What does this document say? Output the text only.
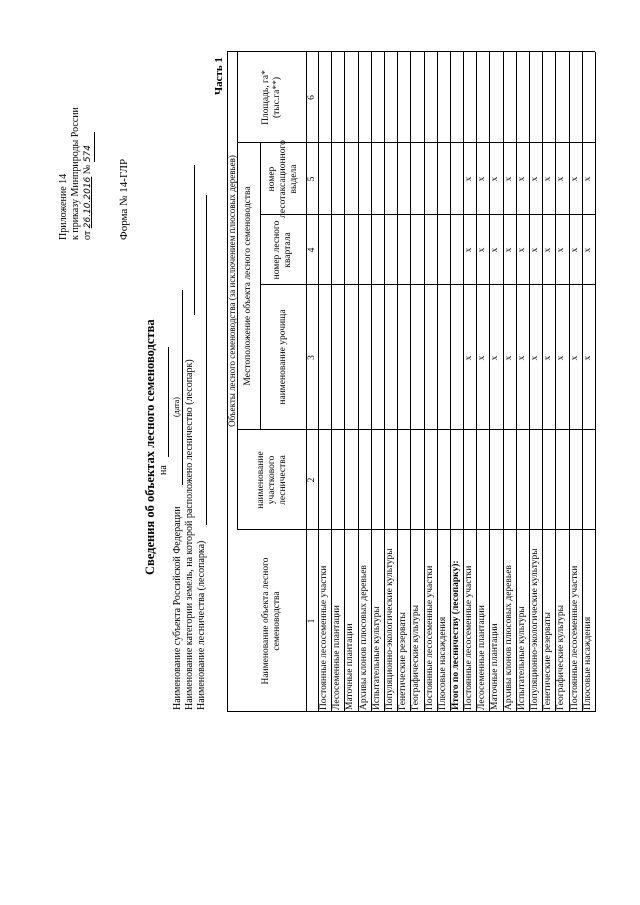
Приложение 14 к приказу Минприроды России от 26.10.2016 № 574
Форма № 14-ГЛР
Сведения об объектах лесного семеноводства на
(дата)
Наименование субъекта Российской Федерации Наименование категории земель, на которой расположено лесничество (лесопарк) Наименование лесничества (лесопарка)
Часть 1
Объекты лесного семеноводства (за исключением плюсовых деревьев)
Наименование объекта лесного семеноводства
наименование участкового лесничества
Местоположение объекта лесного семеноводства	наименование урочища
номер лесного квартала
номер лесотаксационного выдела
Площадь, га*(тыс.га**)
1
2
3
4
5
6
Постоянные лесосеменные участки Лесосеменные плантации Маточные плантации Архивы клонов плюсовых деревьев Испытательные культуры Популяционно-экологические культуры Генетические резерваты Географические культуры Постоянные лесосеменные участки Плюсовые насаждения Итого по лесничеству (лесопарку): Постоянные лесосеменные участки
x
x
x
Лесосеменные плантации
x
x
x
Маточные плантации
x
x
x
Архивы клонов плюсовых деревьев
x
x
x
Испытательные культуры
x
x
x
Популяционно-экологические культуры
x
x
x
Генетические резерваты
x
x
x
Географические культуры
x
x
x
Постоянные лесосеменные участки
x
x
x
Плюсовые насаждения
x
x
x
